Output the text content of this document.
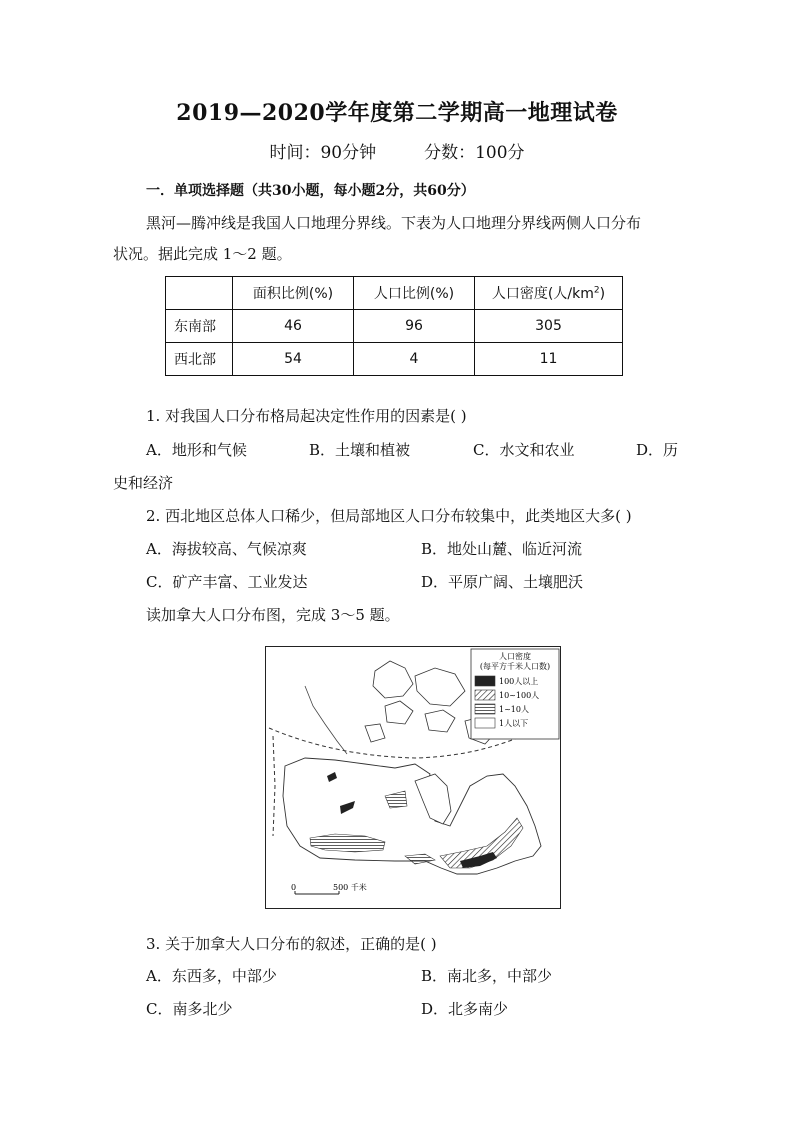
2019—2020学年度第二学期高一地理试卷
时间：90分钟	分数：100分
一．单项选择题（共30小题，每小题2分，共60分）
黑河—腾冲线是我国人口地理分界线。下表为人口地理分界线两侧人口分布
状况。据此完成 1～2 题。
	面积比例(%)	人口比例(%)	人口密度(人$/km^2$)
东南部	46	96	305
西北部	54	4	11
1. 对我国人口分布格局起决定性作用的因素是( )
A．地形和气候	B．土壤和植被	C．水文和农业	D．历
史和经济
2. 西北地区总体人口稀少，但局部地区人口分布较集中，此类地区大多( )
A．海拔较高、气候凉爽	B．地处山麓、临近河流
C．矿产丰富、工业发达	D．平原广阔、土壤肥沃
读加拿大人口分布图，完成 3～5 题。
人口密度
(每平方千米人口数)
100人以上
10~100人
1~10人
1人以下
0	500 千米
3. 关于加拿大人口分布的叙述，正确的是( )
A．东西多，中部少	B．南北多，中部少
C．南多北少	D．北多南少
